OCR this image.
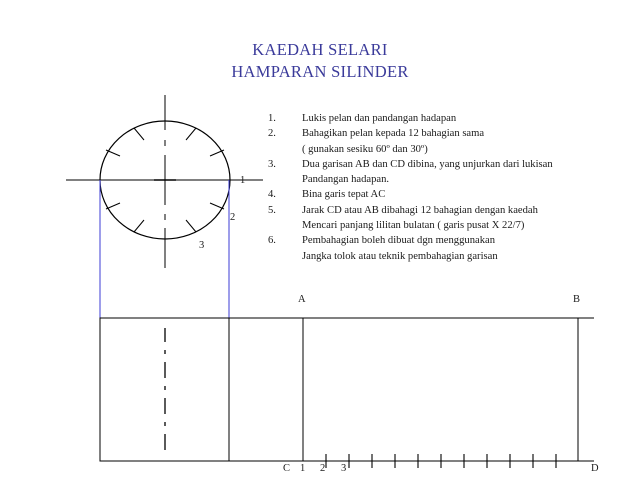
KAEDAH SELARI
HAMPARAN SILINDER
1.	Lukis pelan dan pandangan hadapan
2.	Bahagikan pelan kepada 12 bahagian sama
( gunakan sesiku 60º dan 30º)
3.	Dua garisan AB dan CD dibina, yang unjurkan dari lukisan
Pandangan hadapan.
4.	Bina garis tepat AC
5.	Jarak CD atau AB dibahagi 12 bahagian dengan kaedah
Mencari panjang lilitan bulatan ( garis pusat X 22/7)
6.	Pembahagian boleh dibuat dgn menggunakan
Jangka tolok atau teknik pembahagian garisan
1
2
3
A	B
C	D
1 2 3
